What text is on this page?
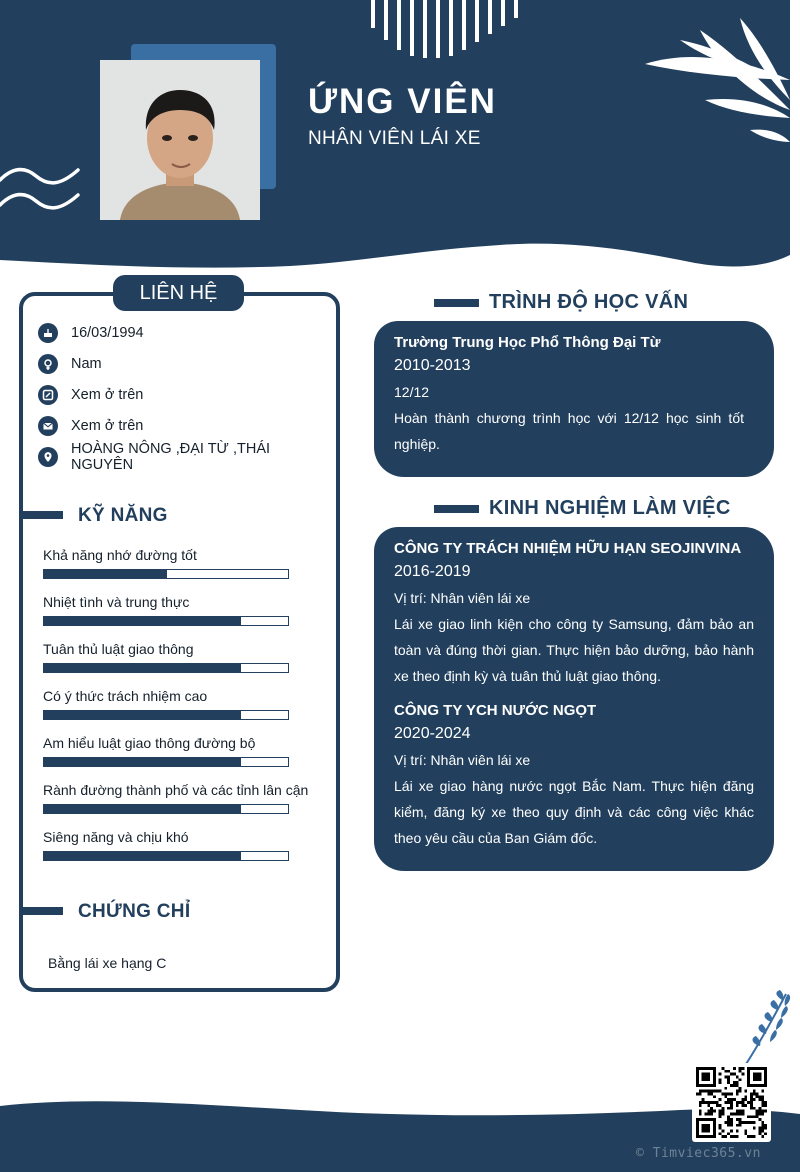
ỨNG VIÊN
NHÂN VIÊN LÁI XE
LIÊN HỆ
16/03/1994
Nam
Xem ở trên
Xem ở trên
HOÀNG NÔNG ,ĐẠI TỪ ,THÁI NGUYÊN
KỸ NĂNG
Khả năng nhớ đường tốt
Nhiệt tình và trung thực
Tuân thủ luật giao thông
Có ý thức trách nhiệm cao
Am hiểu luật giao thông đường bộ
Rành đường thành phố và các tỉnh lân cận
Siêng năng và chịu khó
CHỨNG CHỈ
Bằng lái xe hạng C
TRÌNH ĐỘ HỌC VẤN
Trường Trung Học Phổ Thông Đại Từ
2010-2013
12/12
Hoàn thành chương trình học với 12/12 học sinh tốt nghiệp.
KINH NGHIỆM LÀM VIỆC
CÔNG TY TRÁCH NHIỆM HỮU HẠN SEOJINVINA
2016-2019
Vị trí: Nhân viên lái xe
Lái xe giao linh kiện cho công ty Samsung, đảm bảo an toàn và đúng thời gian. Thực hiện bảo dưỡng, bảo hành xe theo định kỳ và tuân thủ luật giao thông.
CÔNG TY YCH NƯỚC NGỌT
2020-2024
Vị trí: Nhân viên lái xe
Lái xe giao hàng nước ngọt Bắc Nam. Thực hiện đăng kiểm, đăng ký xe theo quy định và các công việc khác theo yêu cầu của Ban Giám đốc.
© Timviec365.vn
